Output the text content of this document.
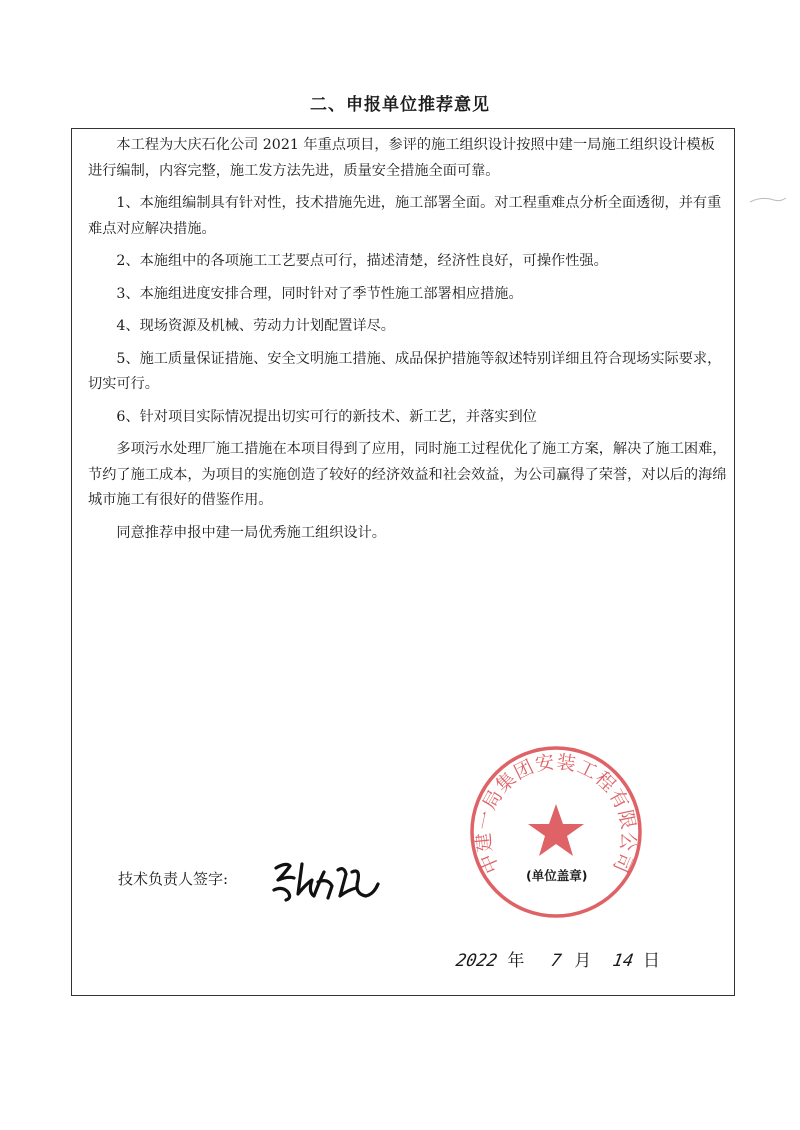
二、申报单位推荐意见

本工程为大庆石化公司 2021 年重点项目，参评的施工组织设计按照中建一局施工组织设计模板进行编制，内容完整，施工发方法先进，质量安全措施全面可靠。

1、本施组编制具有针对性，技术措施先进，施工部署全面。对工程重难点分析全面透彻，并有重难点对应解决措施。

2、本施组中的各项施工工艺要点可行，描述清楚，经济性良好，可操作性强。

3、本施组进度安排合理，同时针对了季节性施工部署相应措施。

4、现场资源及机械、劳动力计划配置详尽。

5、施工质量保证措施、安全文明施工措施、成品保护措施等叙述特别详细且符合现场实际要求，切实可行。

6、针对项目实际情况提出切实可行的新技术、新工艺，并落实到位

多项污水处理厂施工措施在本项目得到了应用，同时施工过程优化了施工方案，解决了施工困难，节约了施工成本，为项目的实施创造了较好的经济效益和社会效益，为公司赢得了荣誉，对以后的海绵城市施工有很好的借鉴作用。

同意推荐申报中建一局优秀施工组织设计。

技术负责人签字:
中建一局集团安装工程有限公司
(单位盖章)
2022 年 7 月 14 日
